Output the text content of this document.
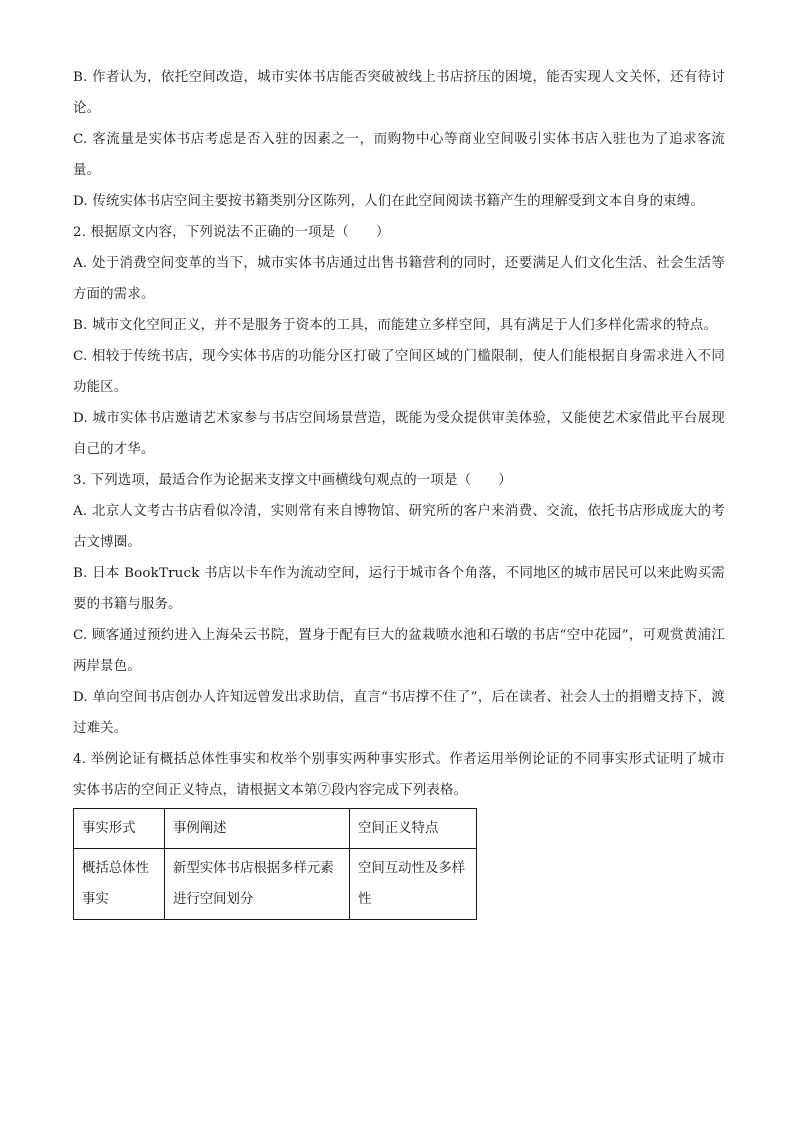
B. 作者认为，依托空间改造，城市实体书店能否突破被线上书店挤压的困境，能否实现人文关怀，还有待讨论。

C. 客流量是实体书店考虑是否入驻的因素之一，而购物中心等商业空间吸引实体书店入驻也为了追求客流量。

D. 传统实体书店空间主要按书籍类别分区陈列，人们在此空间阅读书籍产生的理解受到文本自身的束缚。

2. 根据原文内容，下列说法不正确的一项是（　　）

A. 处于消费空间变革的当下，城市实体书店通过出售书籍营利的同时，还要满足人们文化生活、社会生活等方面的需求。

B. 城市文化空间正义，并不是服务于资本的工具，而能建立多样空间，具有满足于人们多样化需求的特点。

C. 相较于传统书店，现今实体书店的功能分区打破了空间区域的门槛限制，使人们能根据自身需求进入不同功能区。

D. 城市实体书店邀请艺术家参与书店空间场景营造，既能为受众提供审美体验，又能使艺术家借此平台展现自己的才华。

3. 下列选项，最适合作为论据来支撑文中画横线句观点的一项是（　　）

A. 北京人文考古书店看似冷清，实则常有来自博物馆、研究所的客户来消费、交流，依托书店形成庞大的考古文博圈。

B. 日本 BookTruck 书店以卡车作为流动空间，运行于城市各个角落，不同地区的城市居民可以来此购买需要的书籍与服务。

C. 顾客通过预约进入上海朵云书院，置身于配有巨大的盆栽喷水池和石墩的书店“空中花园”，可观赏黄浦江两岸景色。

D. 单向空间书店创办人许知远曾发出求助信，直言“书店撑不住了”，后在读者、社会人士的捐赠支持下，渡过难关。

4. 举例论证有概括总体性事实和枚举个别事实两种事实形式。作者运用举例论证的不同事实形式证明了城市实体书店的空间正义特点，请根据文本第⑦段内容完成下列表格。

事实形式	事例阐述	空间正义特点
概括总体性事实	新型实体书店根据多样元素进行空间划分	空间互动性及多样性
